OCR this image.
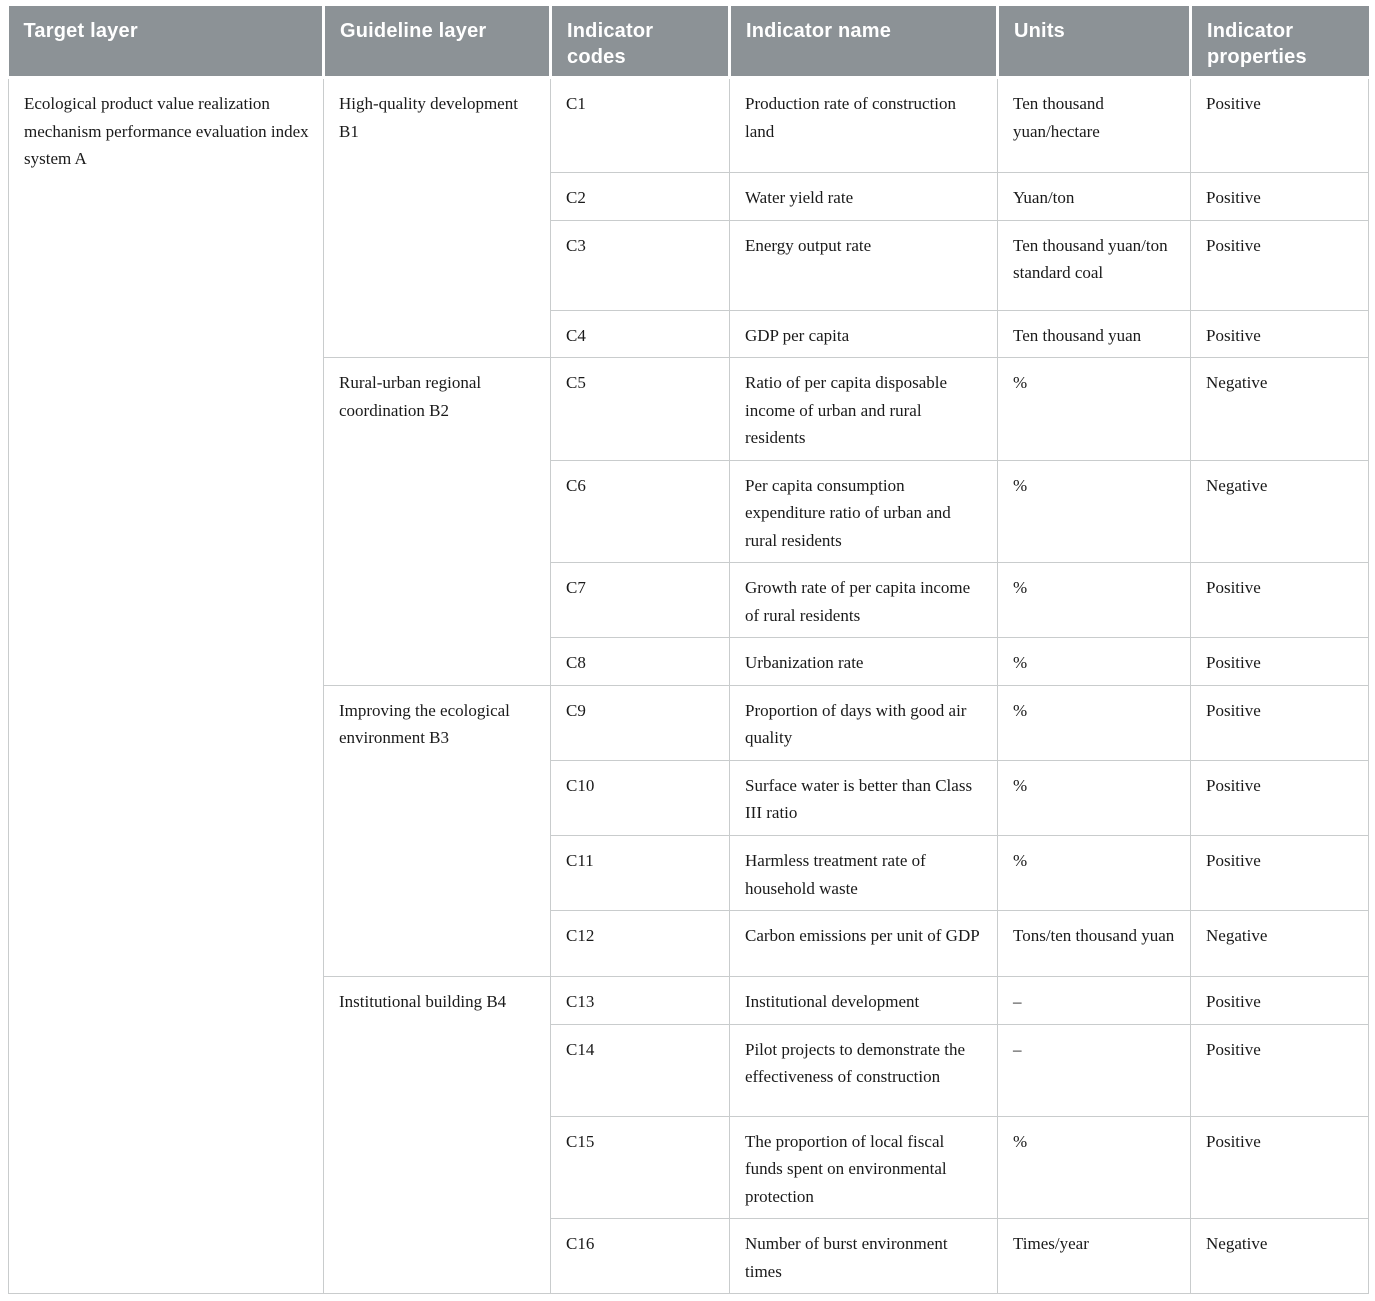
Target layer	Guideline layer	Indicator codes	Indicator name	Units	Indicator properties
Ecological product value realization mechanism performance evaluation index system A	High-quality development B1	C1	Production rate of construction land	Ten thousand yuan/hectare	Positive
		C2	Water yield rate	Yuan/ton	Positive
		C3	Energy output rate	Ten thousand yuan/ton standard coal	Positive
		C4	GDP per capita	Ten thousand yuan	Positive
	Rural-urban regional coordination B2	C5	Ratio of per capita disposable income of urban and rural residents	%	Negative
		C6	Per capita consumption expenditure ratio of urban and rural residents	%	Negative
		C7	Growth rate of per capita income of rural residents	%	Positive
		C8	Urbanization rate	%	Positive
	Improving the ecological environment B3	C9	Proportion of days with good air quality	%	Positive
		C10	Surface water is better than Class III ratio	%	Positive
		C11	Harmless treatment rate of household waste	%	Positive
		C12	Carbon emissions per unit of GDP	Tons/ten thousand yuan	Negative
	Institutional building B4	C13	Institutional development	–	Positive
		C14	Pilot projects to demonstrate the effectiveness of construction	–	Positive
		C15	The proportion of local fiscal funds spent on environmental protection	%	Positive
		C16	Number of burst environment times	Times/year	Negative
